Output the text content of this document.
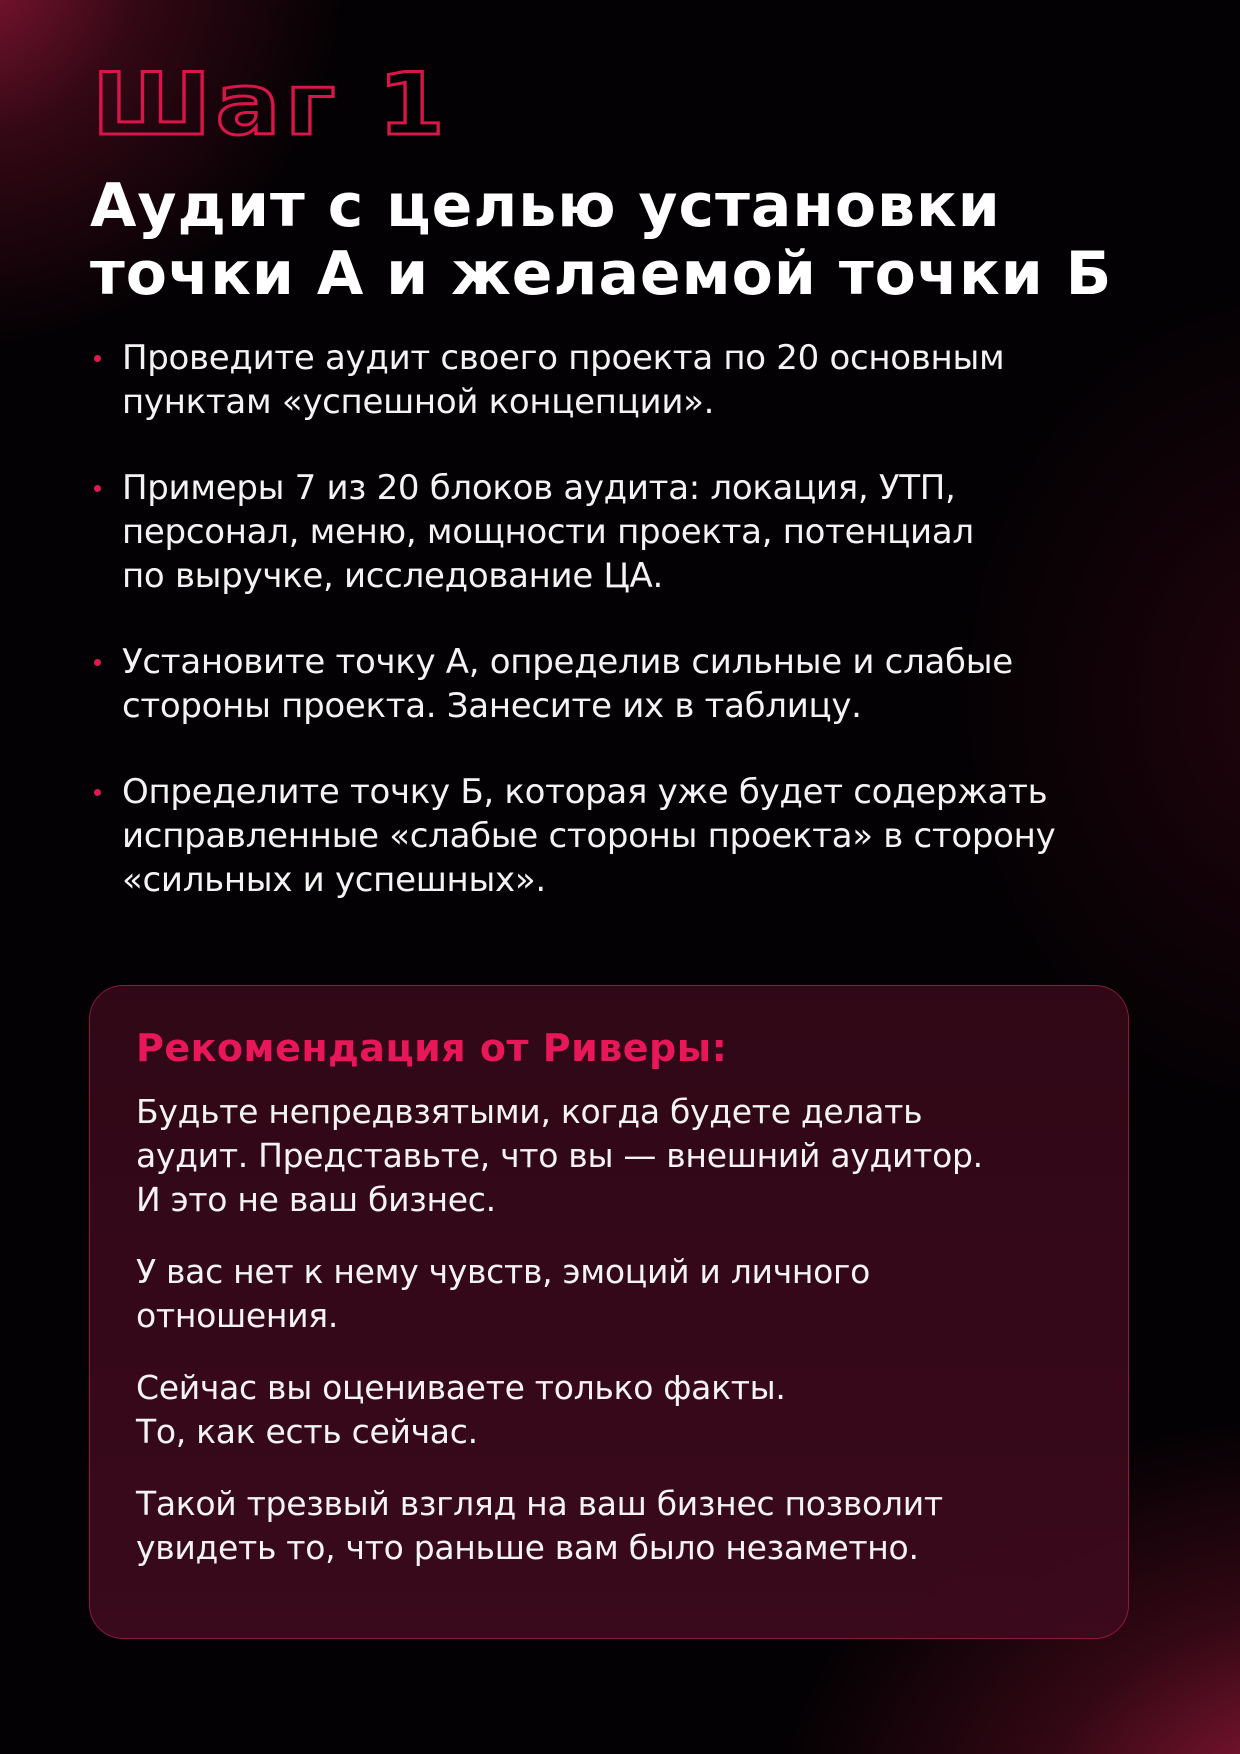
Шаг 1
Аудит с целью установки
точки А и желаемой точки Б
Проведите аудит своего проекта по 20 основным
пунктам «успешной концепции».
Примеры 7 из 20 блоков аудита: локация, УТП,
персонал, меню, мощности проекта, потенциал
по выручке, исследование ЦА.
Установите точку А, определив сильные и слабые
стороны проекта. Занесите их в таблицу.
Определите точку Б, которая уже будет содержать
исправленные «слабые стороны проекта» в сторону
«сильных и успешных».
Рекомендация от Риверы:

Будьте непредвзятыми, когда будете делать
аудит. Представьте, что вы — внешний аудитор.
И это не ваш бизнес.

У вас нет к нему чувств, эмоций и личного
отношения.

Сейчас вы оцениваете только факты.
То, как есть сейчас.

Такой трезвый взгляд на ваш бизнес позволит
увидеть то, что раньше вам было незаметно.
